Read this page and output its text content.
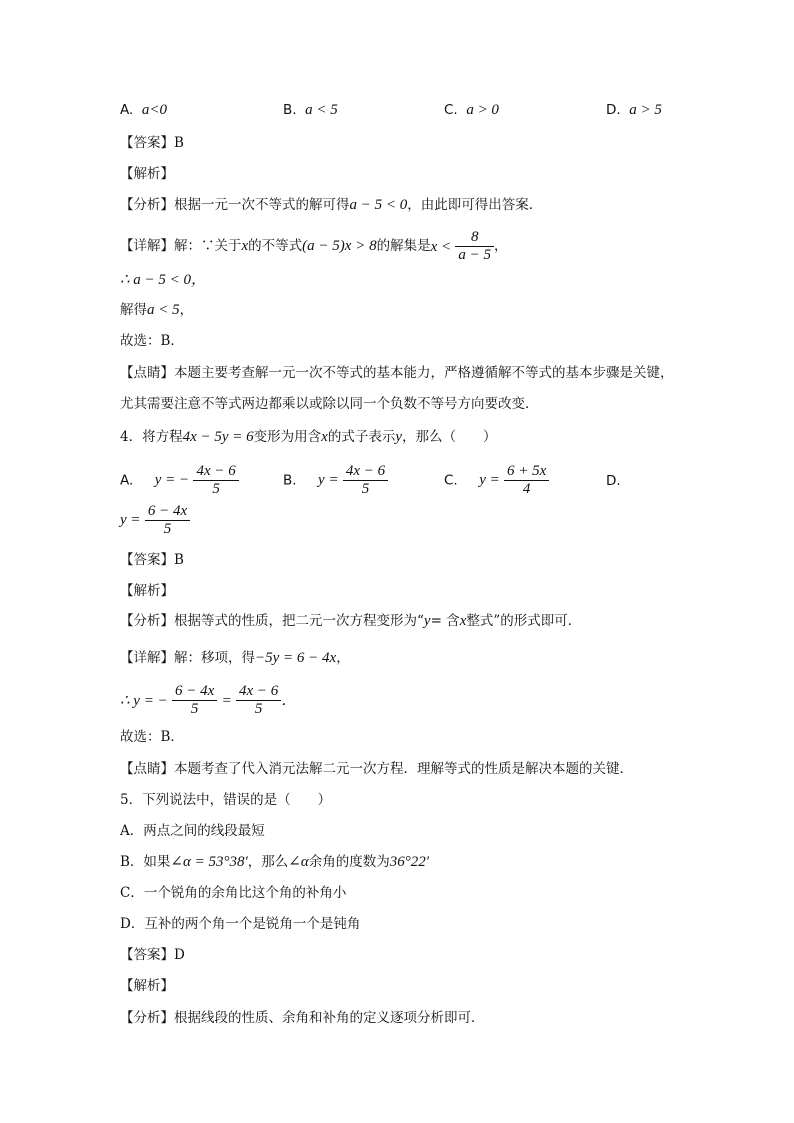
A. a<0	B. a < 5	C. a > 0	D. a > 5
【答案】B
【解析】
【分析】根据一元一次不等式的解可得a − 5 < 0，由此即可得出答案．
【详解】解：∵关于x的不等式(a − 5)x > 8的解集是$x < \frac{8}{a - 5}$ ，
∴ a − 5 < 0，
解得a < 5，
故选：B．
【点睛】本题主要考查解一元一次不等式的基本能力，严格遵循解不等式的基本步骤是关键，
尤其需要注意不等式两边都乘以或除以同一个负数不等号方向要改变．
4．将方程4x − 5y = 6变形为用含x的式子表示y，那么（　　）
A. y = − $\frac{4x - 6}{5}$	B. $y = \frac{4x - 6}{5}$	C. $y = \frac{6 + 5x}{4}$	D.
$y = \frac{6 - 4x}{5}$
【答案】B
【解析】
【分析】根据等式的性质，把二元一次方程变形为“y= 含x整式”的形式即可．
【详解】解：移项，得−5y = 6 − 4x，
∴ y = − $\frac{6 - 4x}{5} = \frac{4x - 6}{5}$ ．
故选：B．
【点睛】本题考查了代入消元法解二元一次方程．理解等式的性质是解决本题的关键．
5．下列说法中，错误的是（　　）
A．两点之间的线段最短
B．如果∠α = 53°38′，那么∠α余角的度数为36°22′
C．一个锐角的余角比这个角的补角小
D．互补的两个角一个是锐角一个是钝角
【答案】D
【解析】
【分析】根据线段的性质、余角和补角的定义逐项分析即可．
